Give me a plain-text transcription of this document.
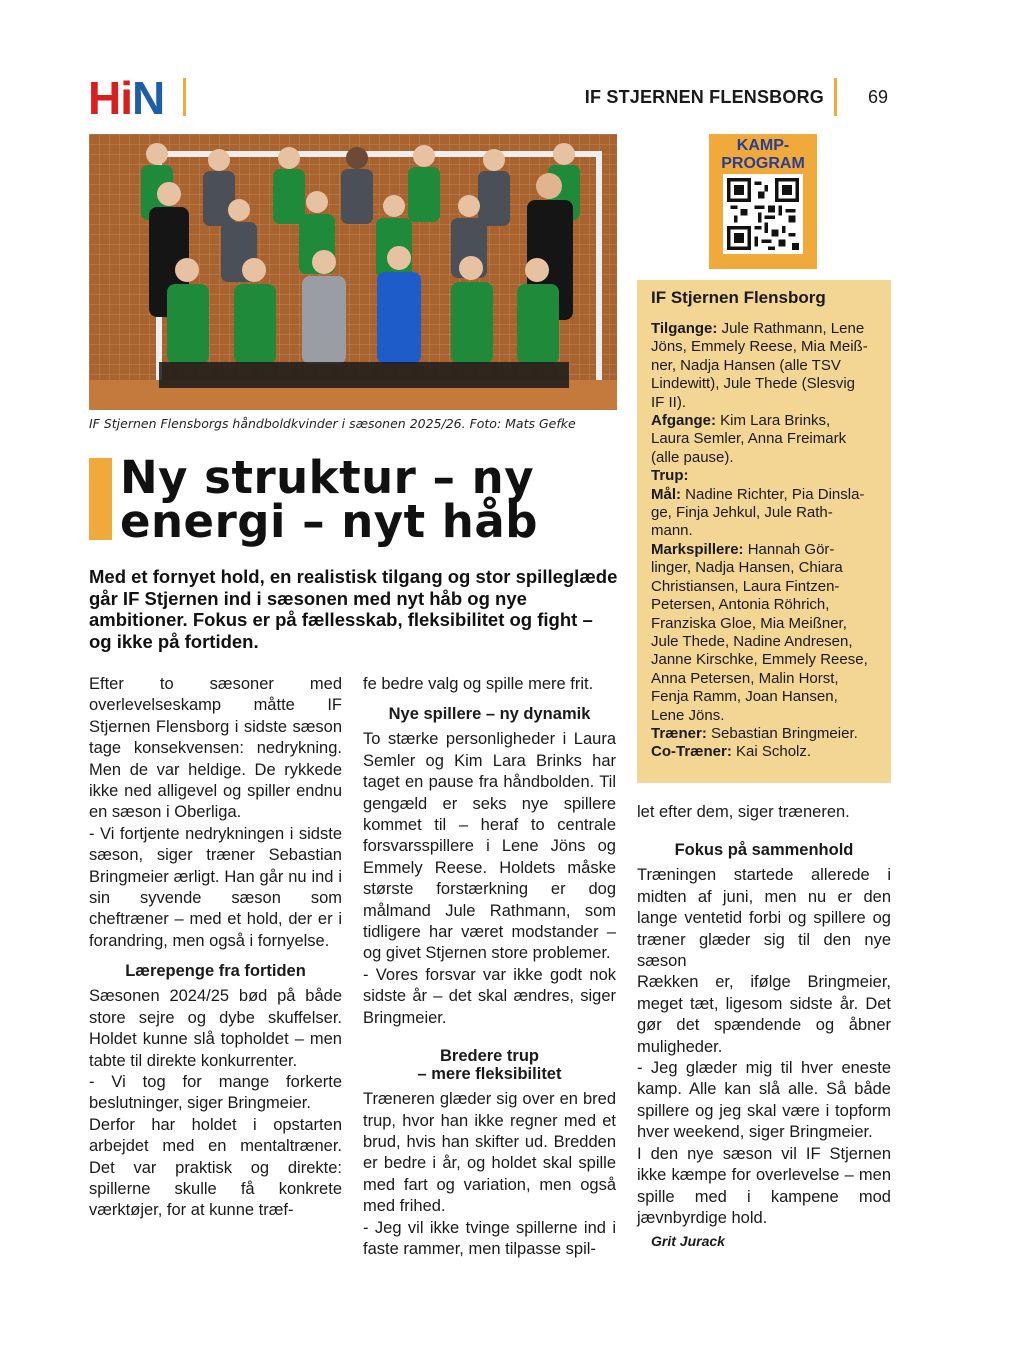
Hi N	IF STJERNEN FLENSBORG 69
IF Stjernen Flensborgs håndboldkvinder i sæsonen 2025/26. Foto: Mats Gefke
KAMP-
PROGRAM
IF Stjernen Flensborg
Tilgange: Jule Rathmann, Lene
Jöns, Emmely Reese, Mia Meiß-
ner, Nadja Hansen (alle TSV
Lindewitt), Jule Thede (Slesvig
IF II).
Afgange: Kim Lara Brinks,
Laura Semler, Anna Freimark
(alle pause).
Trup:
Mål: Nadine Richter, Pia Dinsla-
ge, Finja Jehkul, Jule Rath-
mann.
Markspillere: Hannah Gör-
linger, Nadja Hansen, Chiara
Christiansen, Laura Fintzen-
Petersen, Antonia Röhrich,
Franziska Gloe, Mia Meißner,
Jule Thede, Nadine Andresen,
Janne Kirschke, Emmely Reese,
Anna Petersen, Malin Horst,
Fenja Ramm, Joan Hansen,
Lene Jöns.
Træner: Sebastian Bringmeier.
Co-Træner: Kai Scholz.
Ny struktur – ny
energi – nyt håb
Med et fornyet hold, en realistisk tilgang og stor spilleglæde går IF Stjernen ind i sæsonen med nyt håb og nye ambitioner. Fokus er på fællesskab, fleksibilitet og fight – og ikke på fortiden.

Efter to sæsoner med overlevelseskamp måtte IF Stjernen Flensborg i sidste sæson tage konsekvensen: nedrykning. Men de var heldige. De rykkede ikke ned alligevel og spiller endnu en sæson i Oberliga.

- Vi fortjente nedrykningen i sidste sæson, siger træner Sebastian Bringmeier ærligt. Han går nu ind i sin syvende sæson som cheftræner – med et hold, der er i forandring, men også i fornyelse.

Lærepenge fra fortiden

Sæsonen 2024/25 bød på både store sejre og dybe skuffelser. Holdet kunne slå topholdet – men tabte til direkte konkurrenter.

- Vi tog for mange forkerte beslutninger, siger Bringmeier.

Derfor har holdet i opstarten arbejdet med en mentaltræner. Det var praktisk og direkte: spillerne skulle få konkrete værktøjer, for at kunne træf-

fe bedre valg og spille mere frit.

Nye spillere – ny dynamik

To stærke personligheder i Laura Semler og Kim Lara Brinks har taget en pause fra håndbolden. Til gengæld er seks nye spillere kommet til – heraf to centrale forsvarsspillere i Lene Jöns og Emmely Reese. Holdets måske største forstærkning er dog målmand Jule Rathmann, som tidligere har været modstander – og givet Stjernen store problemer.

- Vores forsvar var ikke godt nok sidste år – det skal ændres, siger Bringmeier.

Bredere trup
– mere fleksibilitet

Træneren glæder sig over en bred trup, hvor han ikke regner med et brud, hvis han skifter ud. Bredden er bedre i år, og holdet skal spille med fart og variation, men også med frihed.

- Jeg vil ikke tvinge spillerne ind i faste rammer, men tilpasse spil-

let efter dem, siger træneren.

Fokus på sammenhold

Træningen startede allerede i midten af juni, men nu er den lange ventetid forbi og spillere og træner glæder sig til den nye sæson

Rækken er, ifølge Bringmeier, meget tæt, ligesom sidste år. Det gør det spændende og åbner muligheder.

- Jeg glæder mig til hver eneste kamp. Alle kan slå alle. Så både spillere og jeg skal være i topform hver weekend, siger Bringmeier.

I den nye sæson vil IF Stjernen ikke kæmpe for overlevelse – men spille med i kampene mod jævnbyrdige hold.

Grit Jurack
